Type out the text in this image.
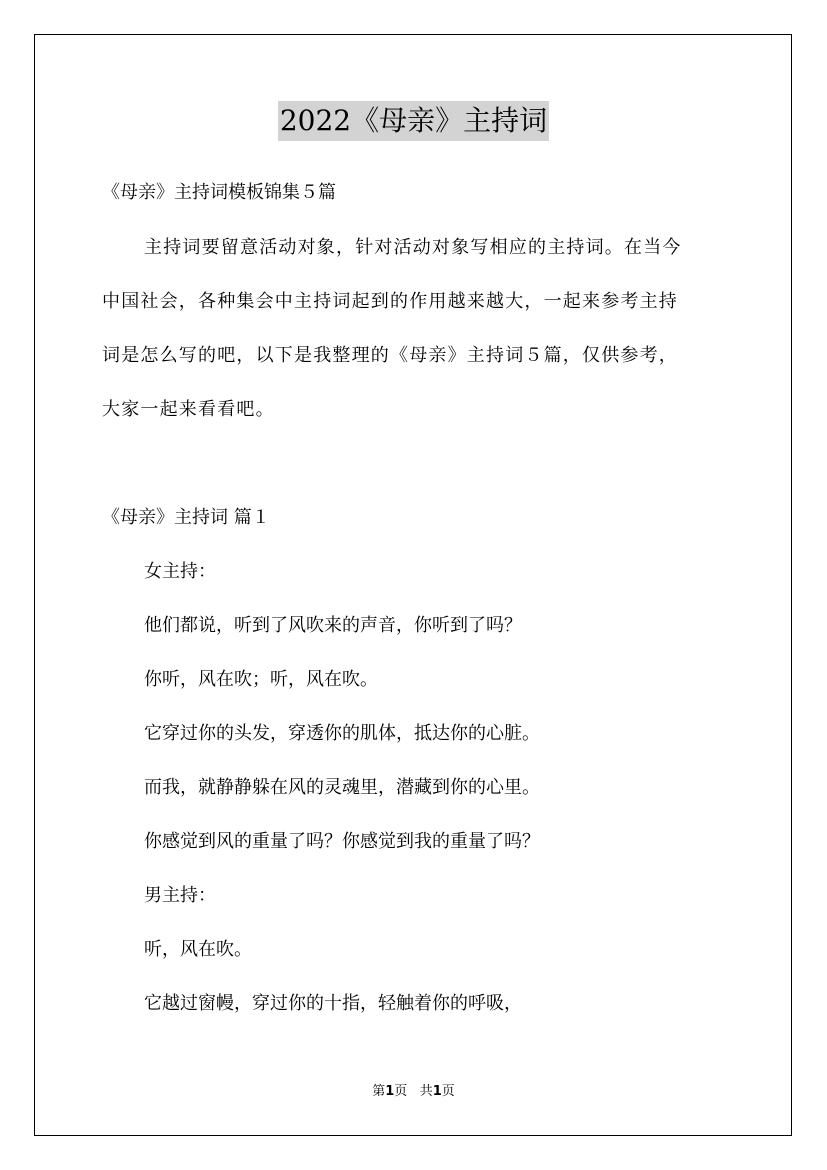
2022《母亲》主持词
《母亲》主持词模板锦集５篇
主持词要留意活动对象，针对活动对象写相应的主持词。在当今
中国社会，各种集会中主持词起到的作用越来越大，一起来参考主持
词是怎么写的吧，以下是我整理的《母亲》主持词５篇，仅供参考，
大家一起来看看吧。
《母亲》主持词 篇１
女主持：
他们都说，听到了风吹来的声音，你听到了吗？
你听，风在吹；听，风在吹。
它穿过你的头发，穿透你的肌体，抵达你的心脏。
而我，就静静躲在风的灵魂里，潜藏到你的心里。
你感觉到风的重量了吗？你感觉到我的重量了吗？
男主持：
听，风在吹。
它越过窗幔，穿过你的十指，轻触着你的呼吸，
第1页 共1页
